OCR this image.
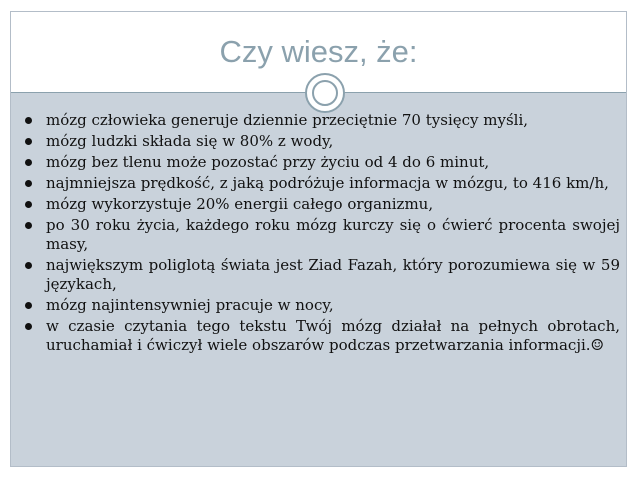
Czy wiesz, że:
mózg człowieka generuje dziennie przeciętnie 70 tysięcy myśli,
mózg ludzki składa się w 80% z wody,
mózg bez tlenu może pozostać przy życiu od 4 do 6 minut,
najmniejsza prędkość, z jaką podróżuje informacja w mózgu, to 416 km/h,
mózg wykorzystuje 20% energii całego organizmu,
po 30 roku życia, każdego roku mózg kurczy się o ćwierć procenta swojej masy,
największym poliglotą świata jest Ziad Fazah, który porozumiewa się w 59 językach,
mózg najintensywniej pracuje w nocy,
w czasie czytania tego tekstu Twój mózg działał na pełnych obrotach, uruchamiał i ćwiczył wiele obszarów podczas przetwarzania informacji.☺
